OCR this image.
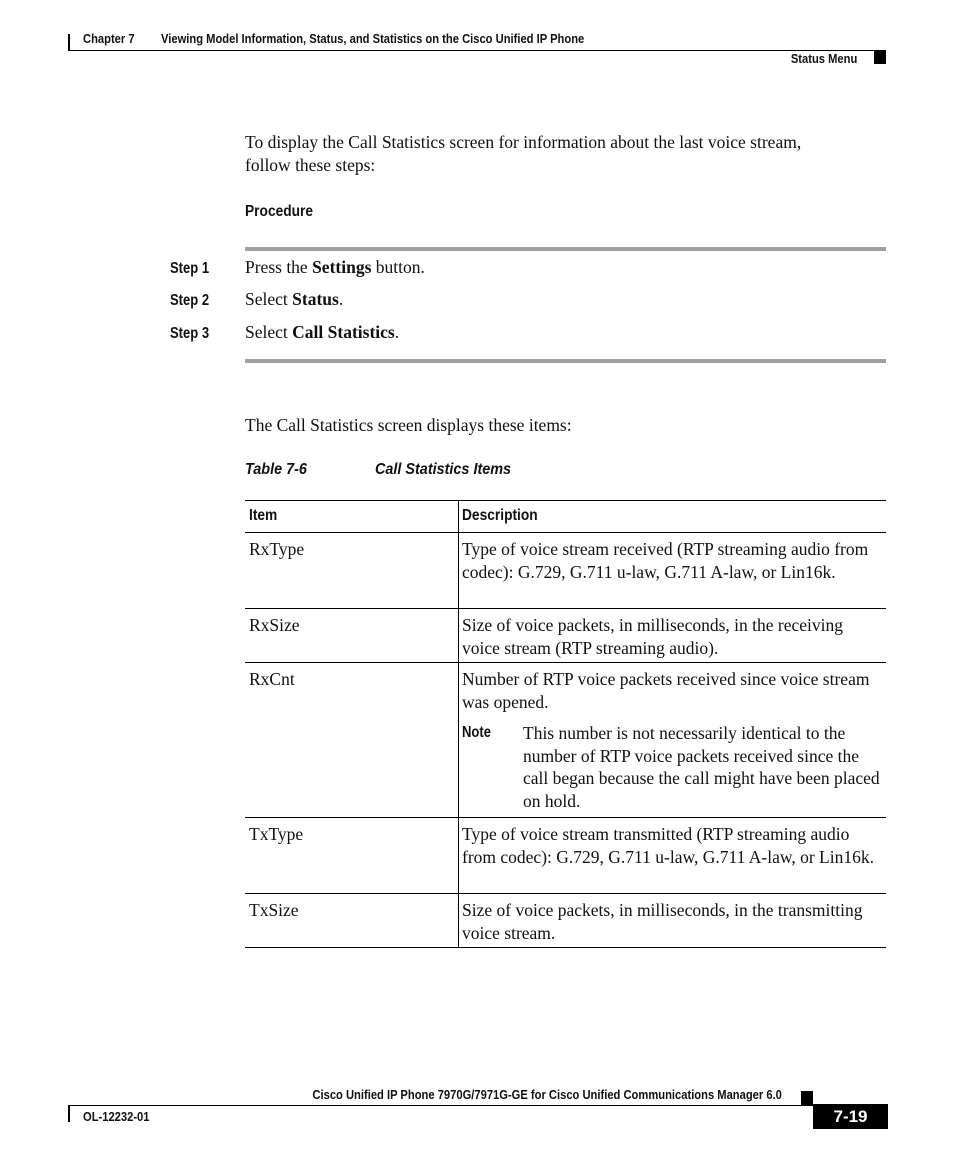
Chapter 7 Viewing Model Information, Status, and Statistics on the Cisco Unified IP Phone
Status Menu
To display the Call Statistics screen for information about the last voice stream,
follow these steps:
Procedure
Step 1 Press the Settings button.
Step 2 Select Status.
Step 3 Select Call Statistics.
The Call Statistics screen displays these items:
Table 7-6	Call Statistics Items
Item	Description
RxType	Type of voice stream received (RTP streaming audio from codec): G.729, G.711 u-law, G.711 A-law, or Lin16k.
RxSize	Size of voice packets, in milliseconds, in the receiving voice stream (RTP streaming audio).
RxCnt	Number of RTP voice packets received since voice stream was opened.
Note	This number is not necessarily identical to the number of RTP voice packets received since the call began because the call might have been placed on hold.
TxType	Type of voice stream transmitted (RTP streaming audio from codec): G.729, G.711 u-law, G.711 A-law, or Lin16k.
TxSize	Size of voice packets, in milliseconds, in the transmitting voice stream.
Cisco Unified IP Phone 7970G/7971G-GE for Cisco Unified Communications Manager 6.0
OL-12232-01	7-19
